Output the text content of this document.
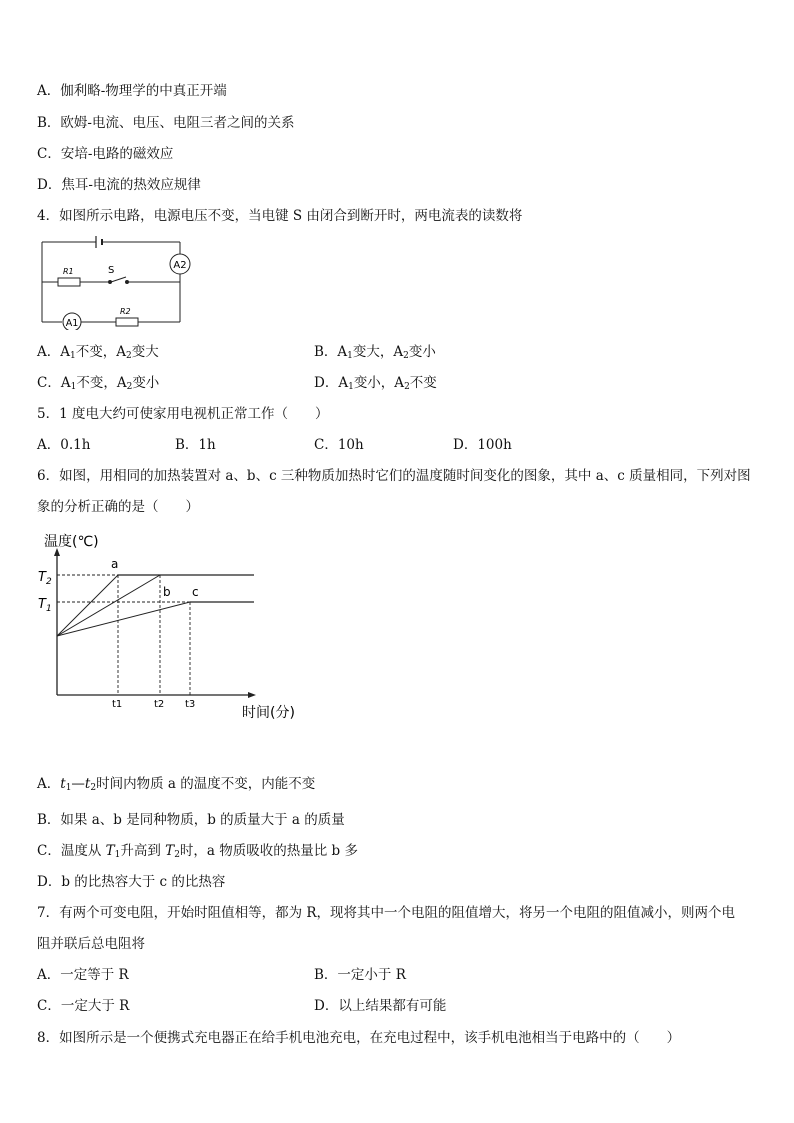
A．伽利略-物理学的中真正开端
B．欧姆-电流、电压、电阻三者之间的关系
C．安培-电路的磁效应
D．焦耳-电流的热效应规律
4．如图所示电路，电源电压不变，当电键 S 由闭合到断开时，两电流表的读数将
A2
A1
R1
R2
S
A．$A_1$不变，$A_2$变大	B．$A_1$变大，$A_2$变小
C．$A_1$不变，$A_2$变小	D．$A_1$变小，$A_2$不变
5．1 度电大约可使家用电视机正常工作（　　）
A．0.1h	B．1h	C．10h	D．100h
6．如图，用相同的加热装置对 a、b、c 三种物质加热时它们的温度随时间变化的图象，其中 a、c 质量相同，下列对图
象的分析正确的是（　　）
温度(℃)
时间(分)
$T_2$
$T_1$
a
b c
t1	t2 t3
A．$t_1—t_2$时间内物质 a 的温度不变，内能不变
B．如果 a、b 是同种物质，b 的质量大于 a 的质量
C．温度从 $T_1$升高到 $T_2$时，a 物质吸收的热量比 b 多
D．b 的比热容大于 c 的比热容
7．有两个可变电阻，开始时阻值相等，都为 R，现将其中一个电阻的阻值增大，将另一个电阻的阻值减小，则两个电
阻并联后总电阻将
A．一定等于 R	B．一定小于 R
C．一定大于 R	D．以上结果都有可能
8．如图所示是一个便携式充电器正在给手机电池充电，在充电过程中，该手机电池相当于电路中的（　　）
